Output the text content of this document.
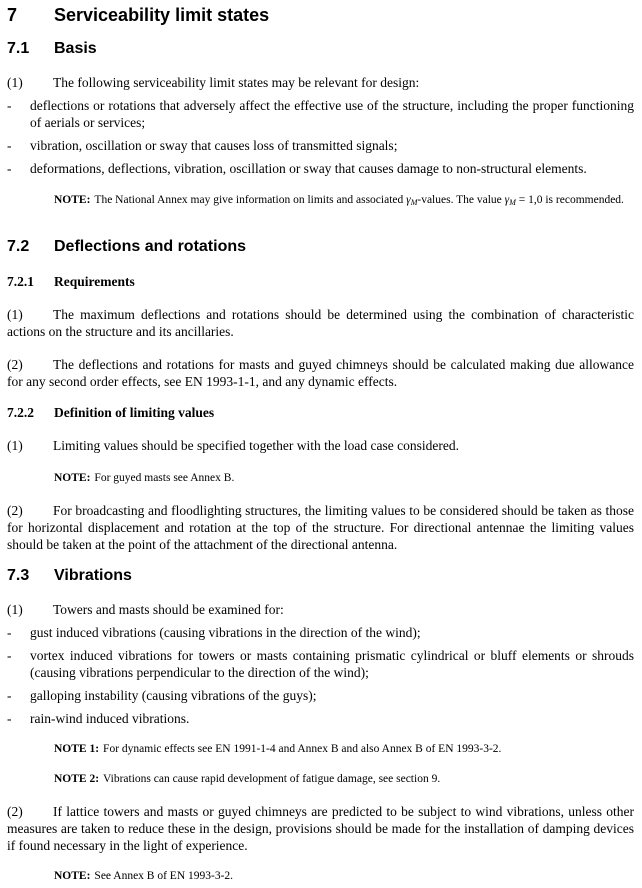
7 Serviceability limit states
7.1 Basis
(1) The following serviceability limit states may be relevant for design:
-	deflections or rotations that adversely affect the effective use of the structure, including the proper functioning of aerials or services;
-	vibration, oscillation or sway that causes loss of transmitted signals;
-	deformations, deflections, vibration, oscillation or sway that causes damage to non-structural elements.
NOTE: The National Annex may give information on limits and associated $\gamma_M$-values. The value $\gamma_M = 1,0$ is recommended.
7.2 Deflections and rotations
7.2.1 Requirements
(1) The maximum deflections and rotations should be determined using the combination of characteristic actions on the structure and its ancillaries.
(2) The deflections and rotations for masts and guyed chimneys should be calculated making due allowance for any second order effects, see EN 1993-1-1, and any dynamic effects.
7.2.2 Definition of limiting values
(1) Limiting values should be specified together with the load case considered.
NOTE: For guyed masts see Annex B.
(2) For broadcasting and floodlighting structures, the limiting values to be considered should be taken as those for horizontal displacement and rotation at the top of the structure. For directional antennae the limiting values should be taken at the point of the attachment of the directional antenna.
7.3 Vibrations
(1) Towers and masts should be examined for:
-	gust induced vibrations (causing vibrations in the direction of the wind);
-	vortex induced vibrations for towers or masts containing prismatic cylindrical or bluff elements or shrouds (causing vibrations perpendicular to the direction of the wind);
-	galloping instability (causing vibrations of the guys);
-	rain-wind induced vibrations.
NOTE 1: For dynamic effects see EN 1991-1-4 and Annex B and also Annex B of EN 1993-3-2.
NOTE 2: Vibrations can cause rapid development of fatigue damage, see section 9.
(2) If lattice towers and masts or guyed chimneys are predicted to be subject to wind vibrations, unless other measures are taken to reduce these in the design, provisions should be made for the installation of damping devices if found necessary in the light of experience.
NOTE: See Annex B of EN 1993-3-2.
